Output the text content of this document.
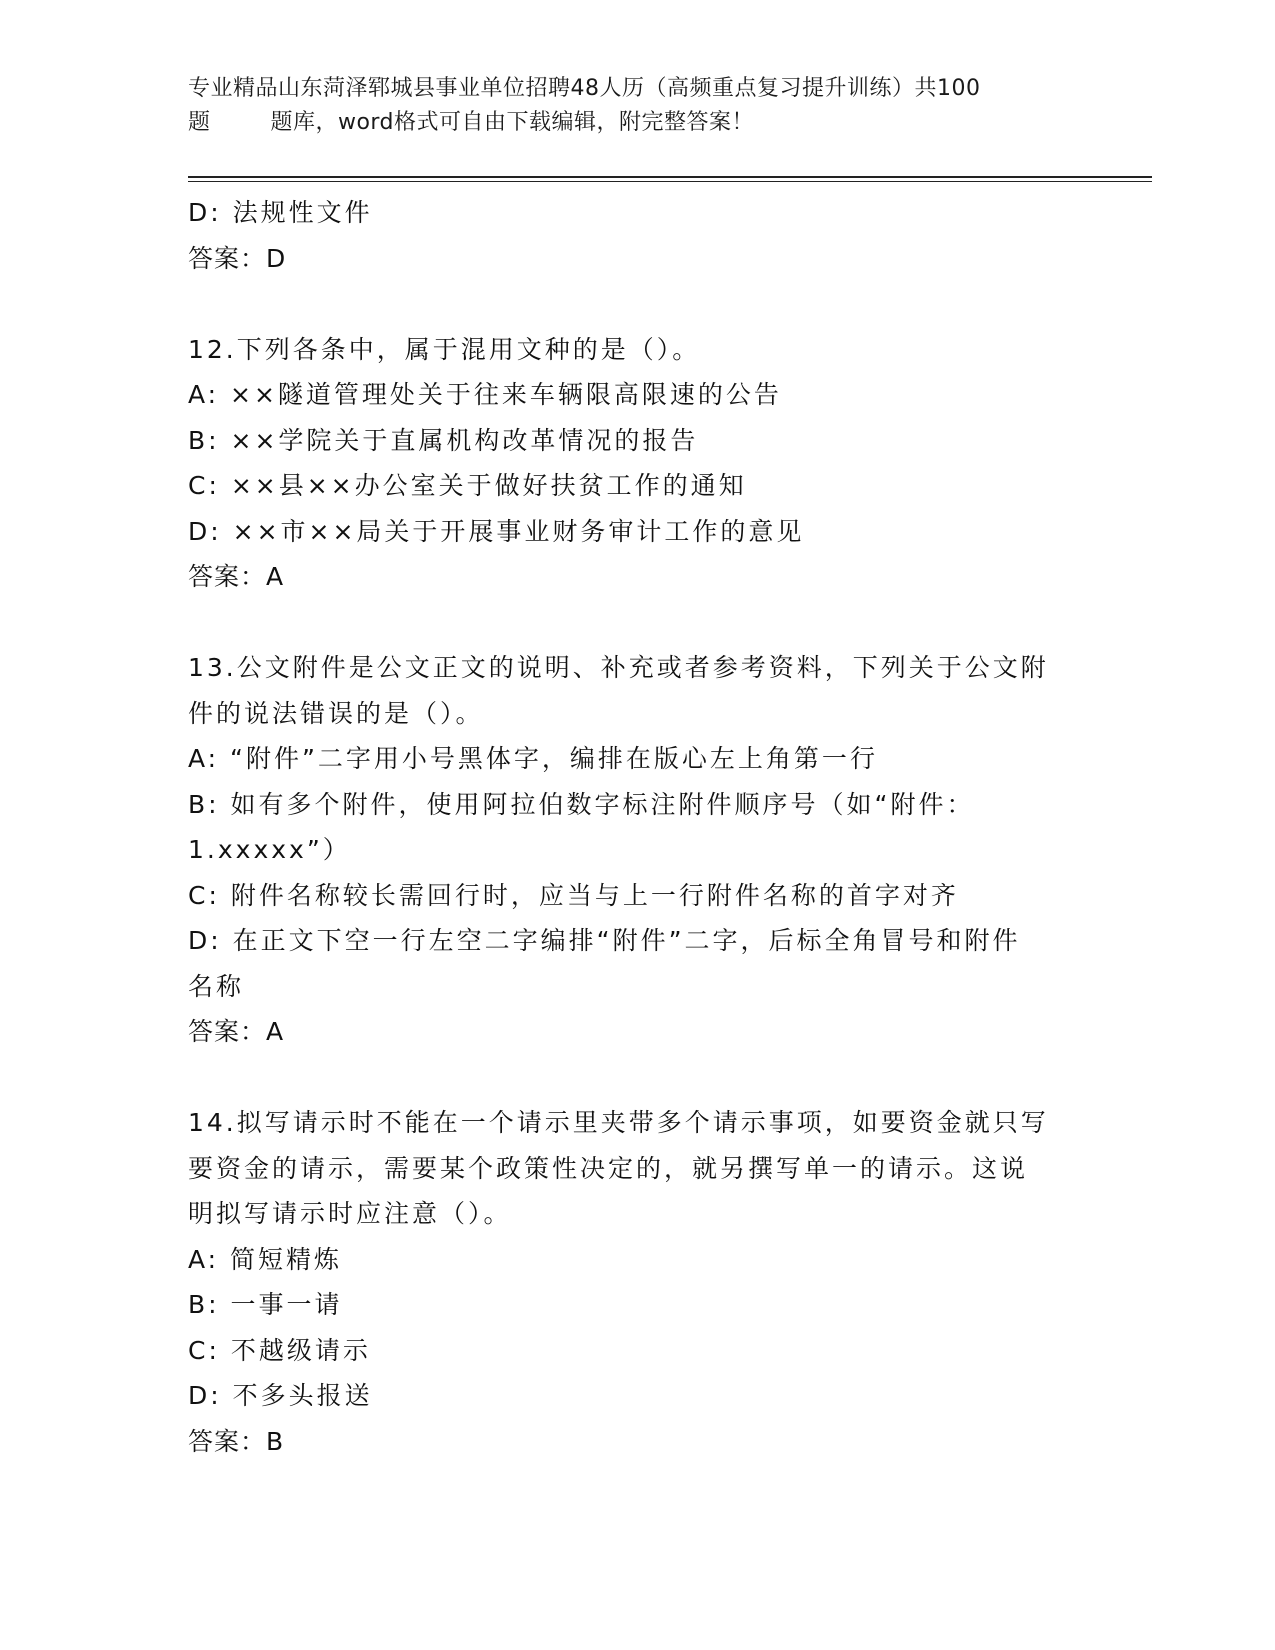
专业精品山东菏泽郓城县事业单位招聘48人历（高频重点复习提升训练）共100
题        题库，word格式可自由下载编辑，附完整答案！

D: 法规性文件

答案：D

12.下列各条中，属于混用文种的是（）。

A: ××隧道管理处关于往来车辆限高限速的公告

B: ××学院关于直属机构改革情况的报告

C: ××县××办公室关于做好扶贫工作的通知

D: ××市××局关于开展事业财务审计工作的意见

答案：A

13.公文附件是公文正文的说明、补充或者参考资料，下列关于公文附

件的说法错误的是（）。

A: “附件”二字用小号黑体字，编排在版心左上角第一行

B: 如有多个附件，使用阿拉伯数字标注附件顺序号（如“附件：

1.xxxxx”）

C: 附件名称较长需回行时，应当与上一行附件名称的首字对齐

D: 在正文下空一行左空二字编排“附件”二字，后标全角冒号和附件

名称

答案：A

14.拟写请示时不能在一个请示里夹带多个请示事项，如要资金就只写

要资金的请示，需要某个政策性决定的，就另撰写单一的请示。这说

明拟写请示时应注意（）。

A: 简短精炼

B: 一事一请

C: 不越级请示

D: 不多头报送

答案：B
